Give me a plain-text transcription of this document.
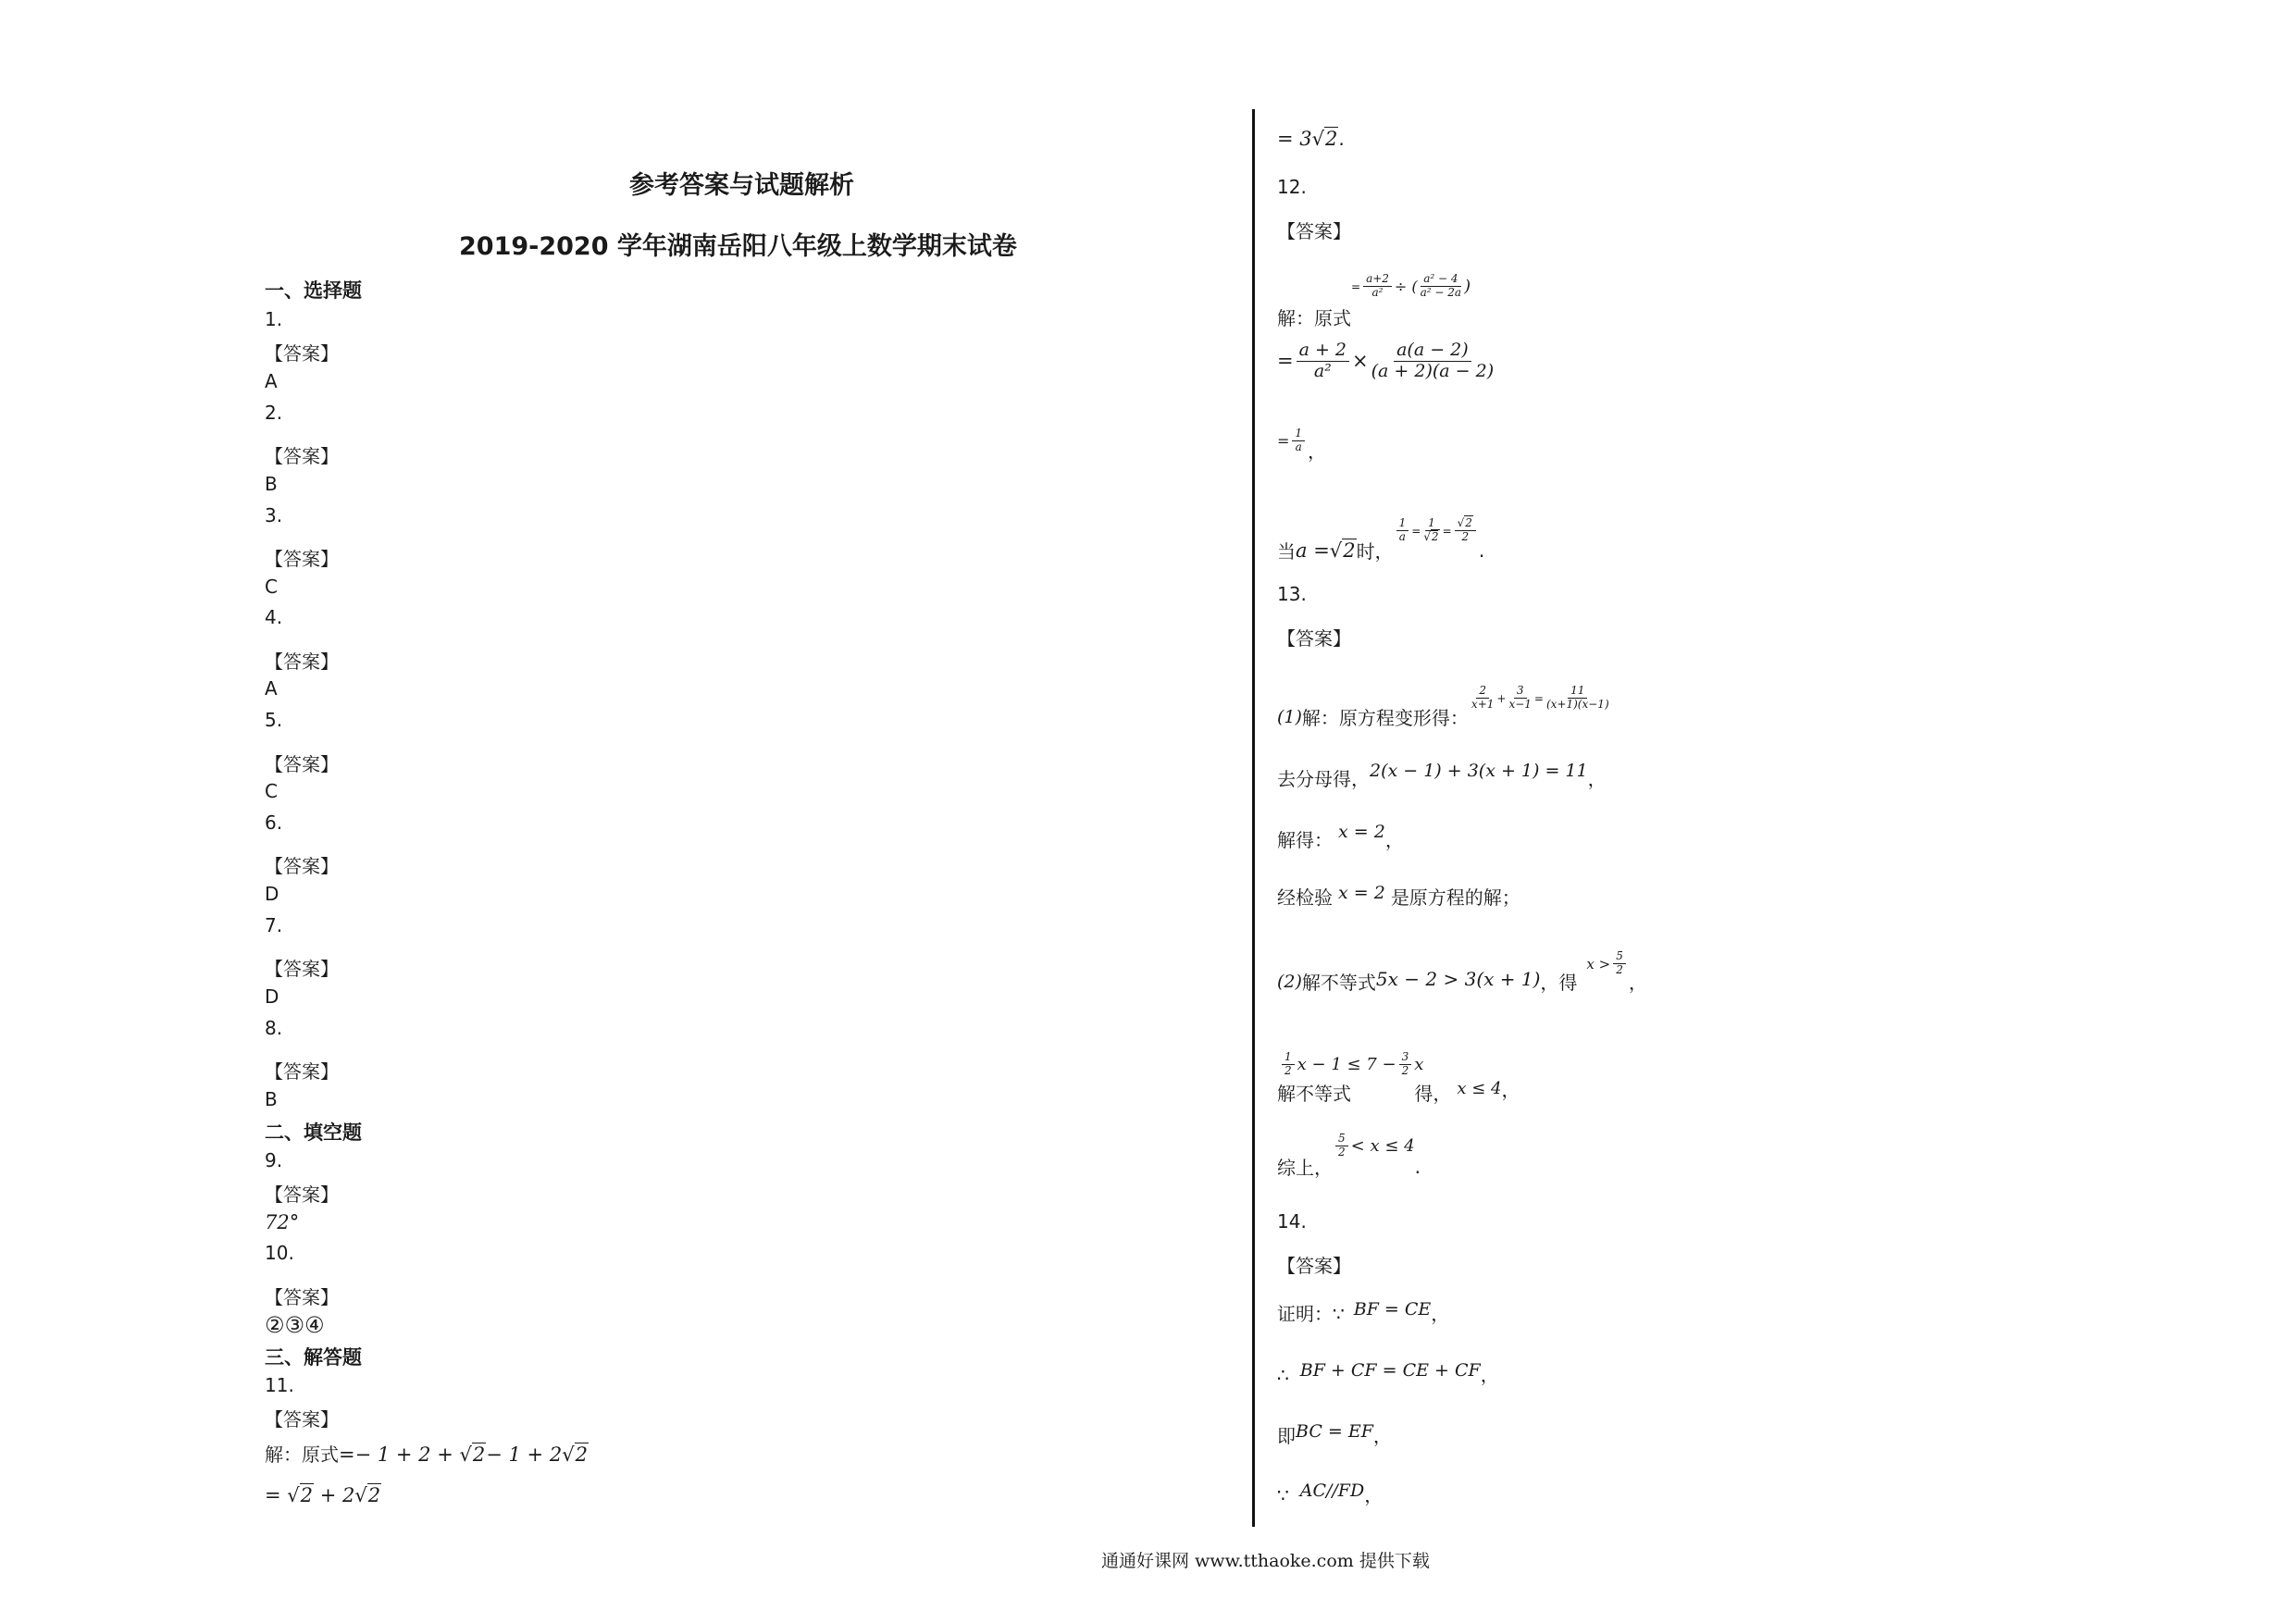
参考答案与试题解析
2019-2020 学年湖南岳阳八年级上数学期末试卷
一、选择题
1.
【答案】
A
2.
【答案】
B
3.
【答案】
C
4.
【答案】
A
5.
【答案】
C
6.
【答案】
D
7.
【答案】
D
8.
【答案】
B
二、填空题
9.
【答案】
72°
10.
【答案】
②③④
三、解答题
11.
【答案】
解：原式=− 1 + 2 + √2− 1 + 2√2
= √2 + 2√2
= 3√2.
12.
【答案】
解：原式
= $\frac{a+2}{\text{a²}}$ ÷ ( $\frac{\text{a² − 4}}{\text{a² − 2a}}$ )
= $\frac{a + 2}{\text{a²}} \times \frac{a(a - 2)}{(a + 2)(a - 2)}$
= $\frac{1}{a}$ ，
当 a = √2 时，
$\frac{1}{a} = \frac{1}{√2} = \frac{√2}{2}$
.
13.
【答案】
(1) 解：原方程变形得：
$\frac{2}{x+1} + \frac{3}{x-1} = \frac{11}{(x+1)(x-1)}$
去分母得，2(x − 1) + 3(x + 1) = 11，
解得： x = 2，
经检验 x = 2 是原方程的解；
(2) 解不等式 5x − 2 > 3(x + 1) ，得
$x > \frac{5}{2}$
，
解不等式
$\frac{1}{2}$ $x - 1 \le 7 - \frac{3}{2}$ x
得， x ≤ 4 ，
综上，
$\frac{5}{2} < x \le 4$
.
14.
【答案】
证明：∵ BF = CE，
∴ BF + CF = CE + CF，
即BC = EF，
∵ AC//FD，
通通好课网 www.tthaoke.com 提供下载
